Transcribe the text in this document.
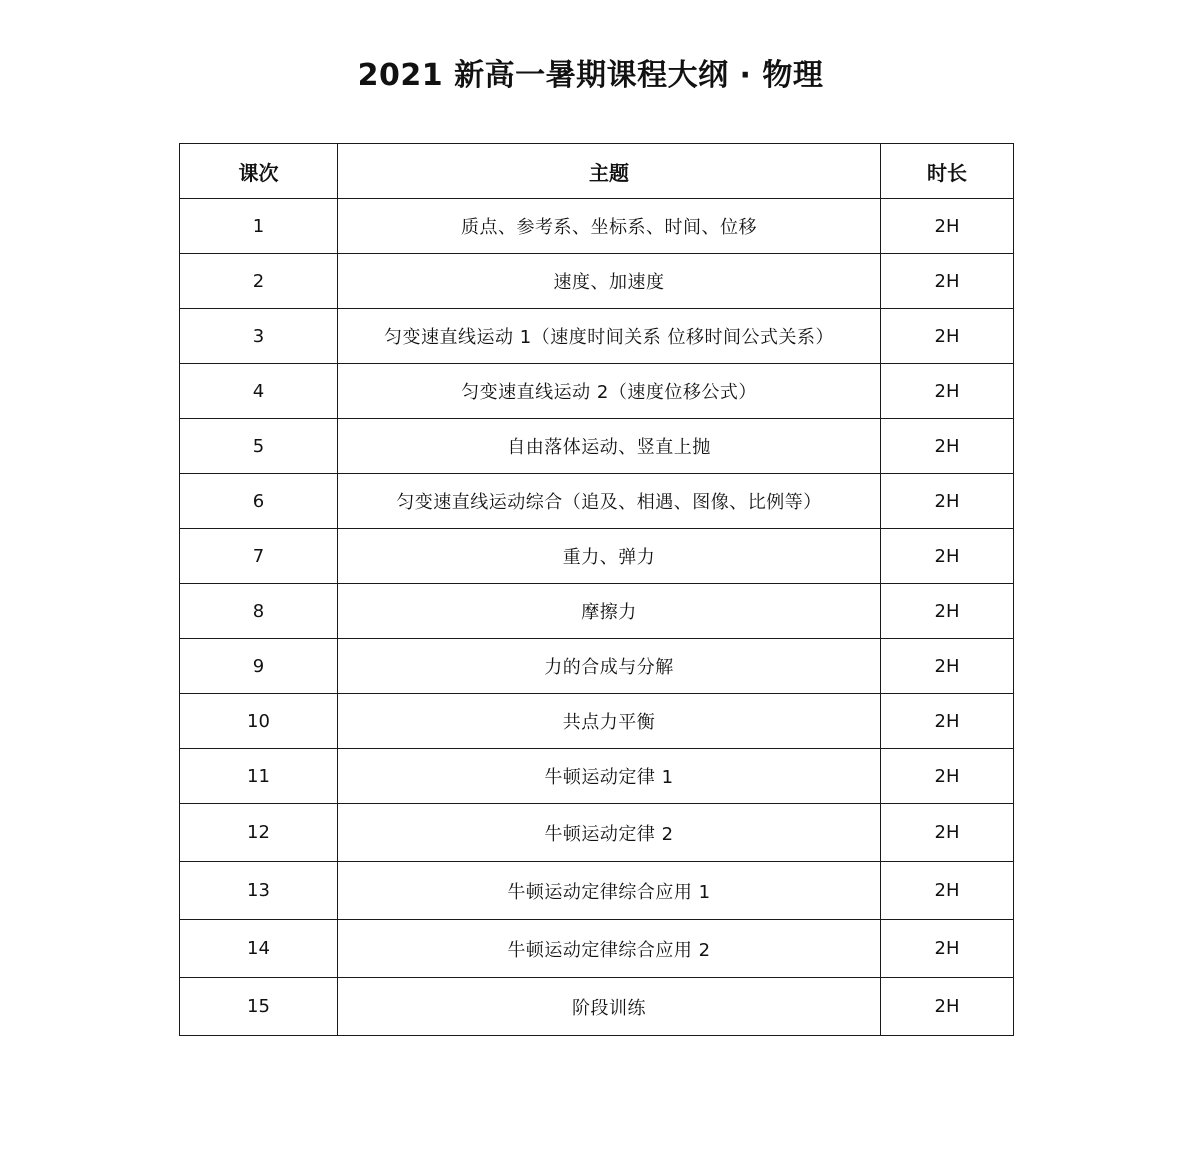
2021 新高一暑期课程大纲 · 物理
课次	主题	时长
1	质点、参考系、坐标系、时间、位移	2H
2	速度、加速度	2H
3	匀变速直线运动 1（速度时间关系 位移时间公式关系）	2H
4	匀变速直线运动 2（速度位移公式）	2H
5	自由落体运动、竖直上抛	2H
6	匀变速直线运动综合（追及、相遇、图像、比例等）	2H
7	重力、弹力	2H
8	摩擦力	2H
9	力的合成与分解	2H
10	共点力平衡	2H
11	牛顿运动定律 1	2H
12	牛顿运动定律 2	2H
13	牛顿运动定律综合应用 1	2H
14	牛顿运动定律综合应用 2	2H
15	阶段训练	2H
